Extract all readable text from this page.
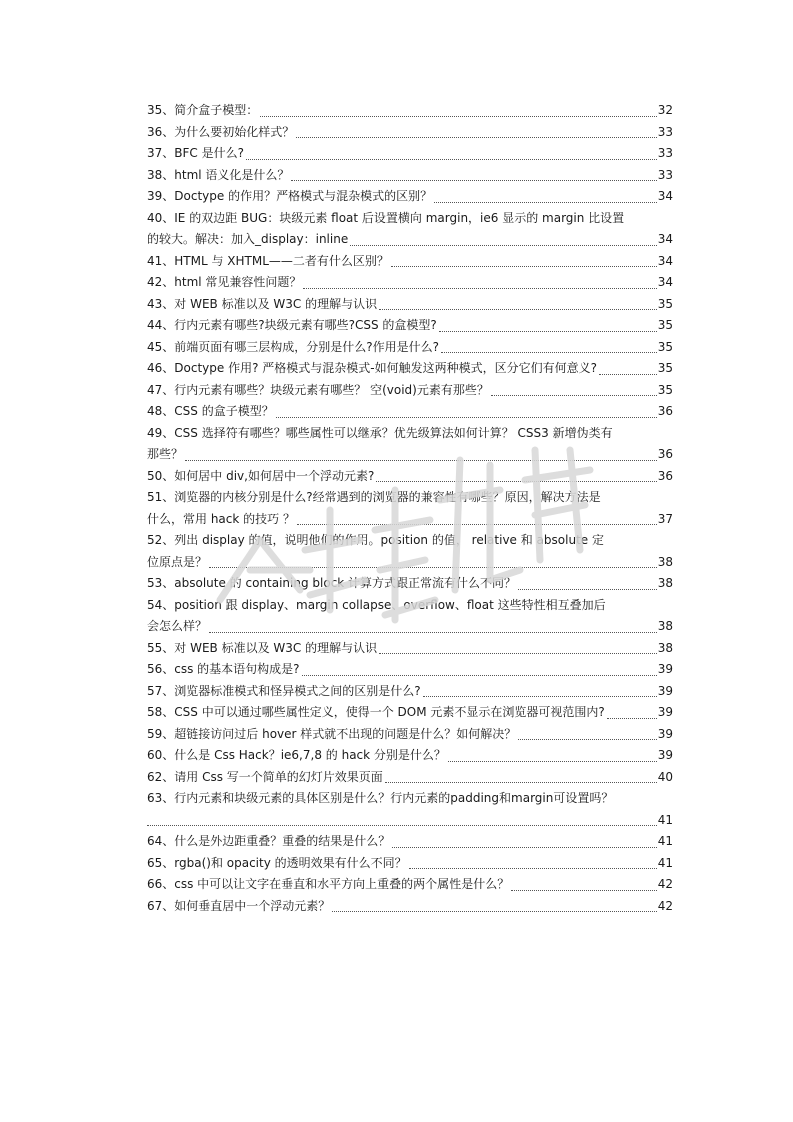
35、简介盒子模型：	32
36、为什么要初始化样式？	33
37、BFC 是什么?	33
38、html 语义化是什么？	33
39、Doctype 的作用？严格模式与混杂模式的区别？	34
40、IE 的双边距 BUG：块级元素 float 后设置横向 margin，ie6 显示的 margin 比设置
的较大。解决：加入_display：inline	34
41、HTML 与 XHTML——二者有什么区别？	34
42、html 常见兼容性问题？	34
43、对 WEB 标准以及 W3C 的理解与认识	35
44、行内元素有哪些?块级元素有哪些?CSS 的盒模型?	35
45、前端页面有哪三层构成，分别是什么?作用是什么?	35
46、Doctype 作用? 严格模式与混杂模式-如何触发这两种模式，区分它们有何意义?	35
47、行内元素有哪些？块级元素有哪些？ 空(void)元素有那些？	35
48、CSS 的盒子模型？	36
49、CSS 选择符有哪些？哪些属性可以继承？优先级算法如何计算？ CSS3 新增伪类有
那些？	36
50、如何居中 div,如何居中一个浮动元素?	36
51、浏览器的内核分别是什么?经常遇到的浏览器的兼容性有哪些？原因，解决方法是
什么，常用 hack 的技巧 ？	37
52、列出 display 的值，说明他们的作用。position 的值， relative 和 absolute 定
位原点是？	38
53、absolute 的 containing block 计算方式跟正常流有什么不同？	38
54、position 跟 display、margin collapse、overflow、float 这些特性相互叠加后
会怎么样？	38
55、对 WEB 标准以及 W3C 的理解与认识	38
56、css 的基本语句构成是?	39
57、浏览器标准模式和怪异模式之间的区别是什么?	39
58、CSS 中可以通过哪些属性定义，使得一个 DOM 元素不显示在浏览器可视范围内?	39
59、超链接访问过后 hover 样式就不出现的问题是什么？如何解决？	39
60、什么是 Css Hack？ie6,7,8 的 hack 分别是什么？	39
62、请用 Css 写一个简单的幻灯片效果页面	40
63、行内元素和块级元素的具体区别是什么？行内元素的padding和margin可设置吗？
41
64、什么是外边距重叠？重叠的结果是什么？	41
65、rgba()和 opacity 的透明效果有什么不同？	41
66、css 中可以让文字在垂直和水平方向上重叠的两个属性是什么？	42
67、如何垂直居中一个浮动元素？	42
